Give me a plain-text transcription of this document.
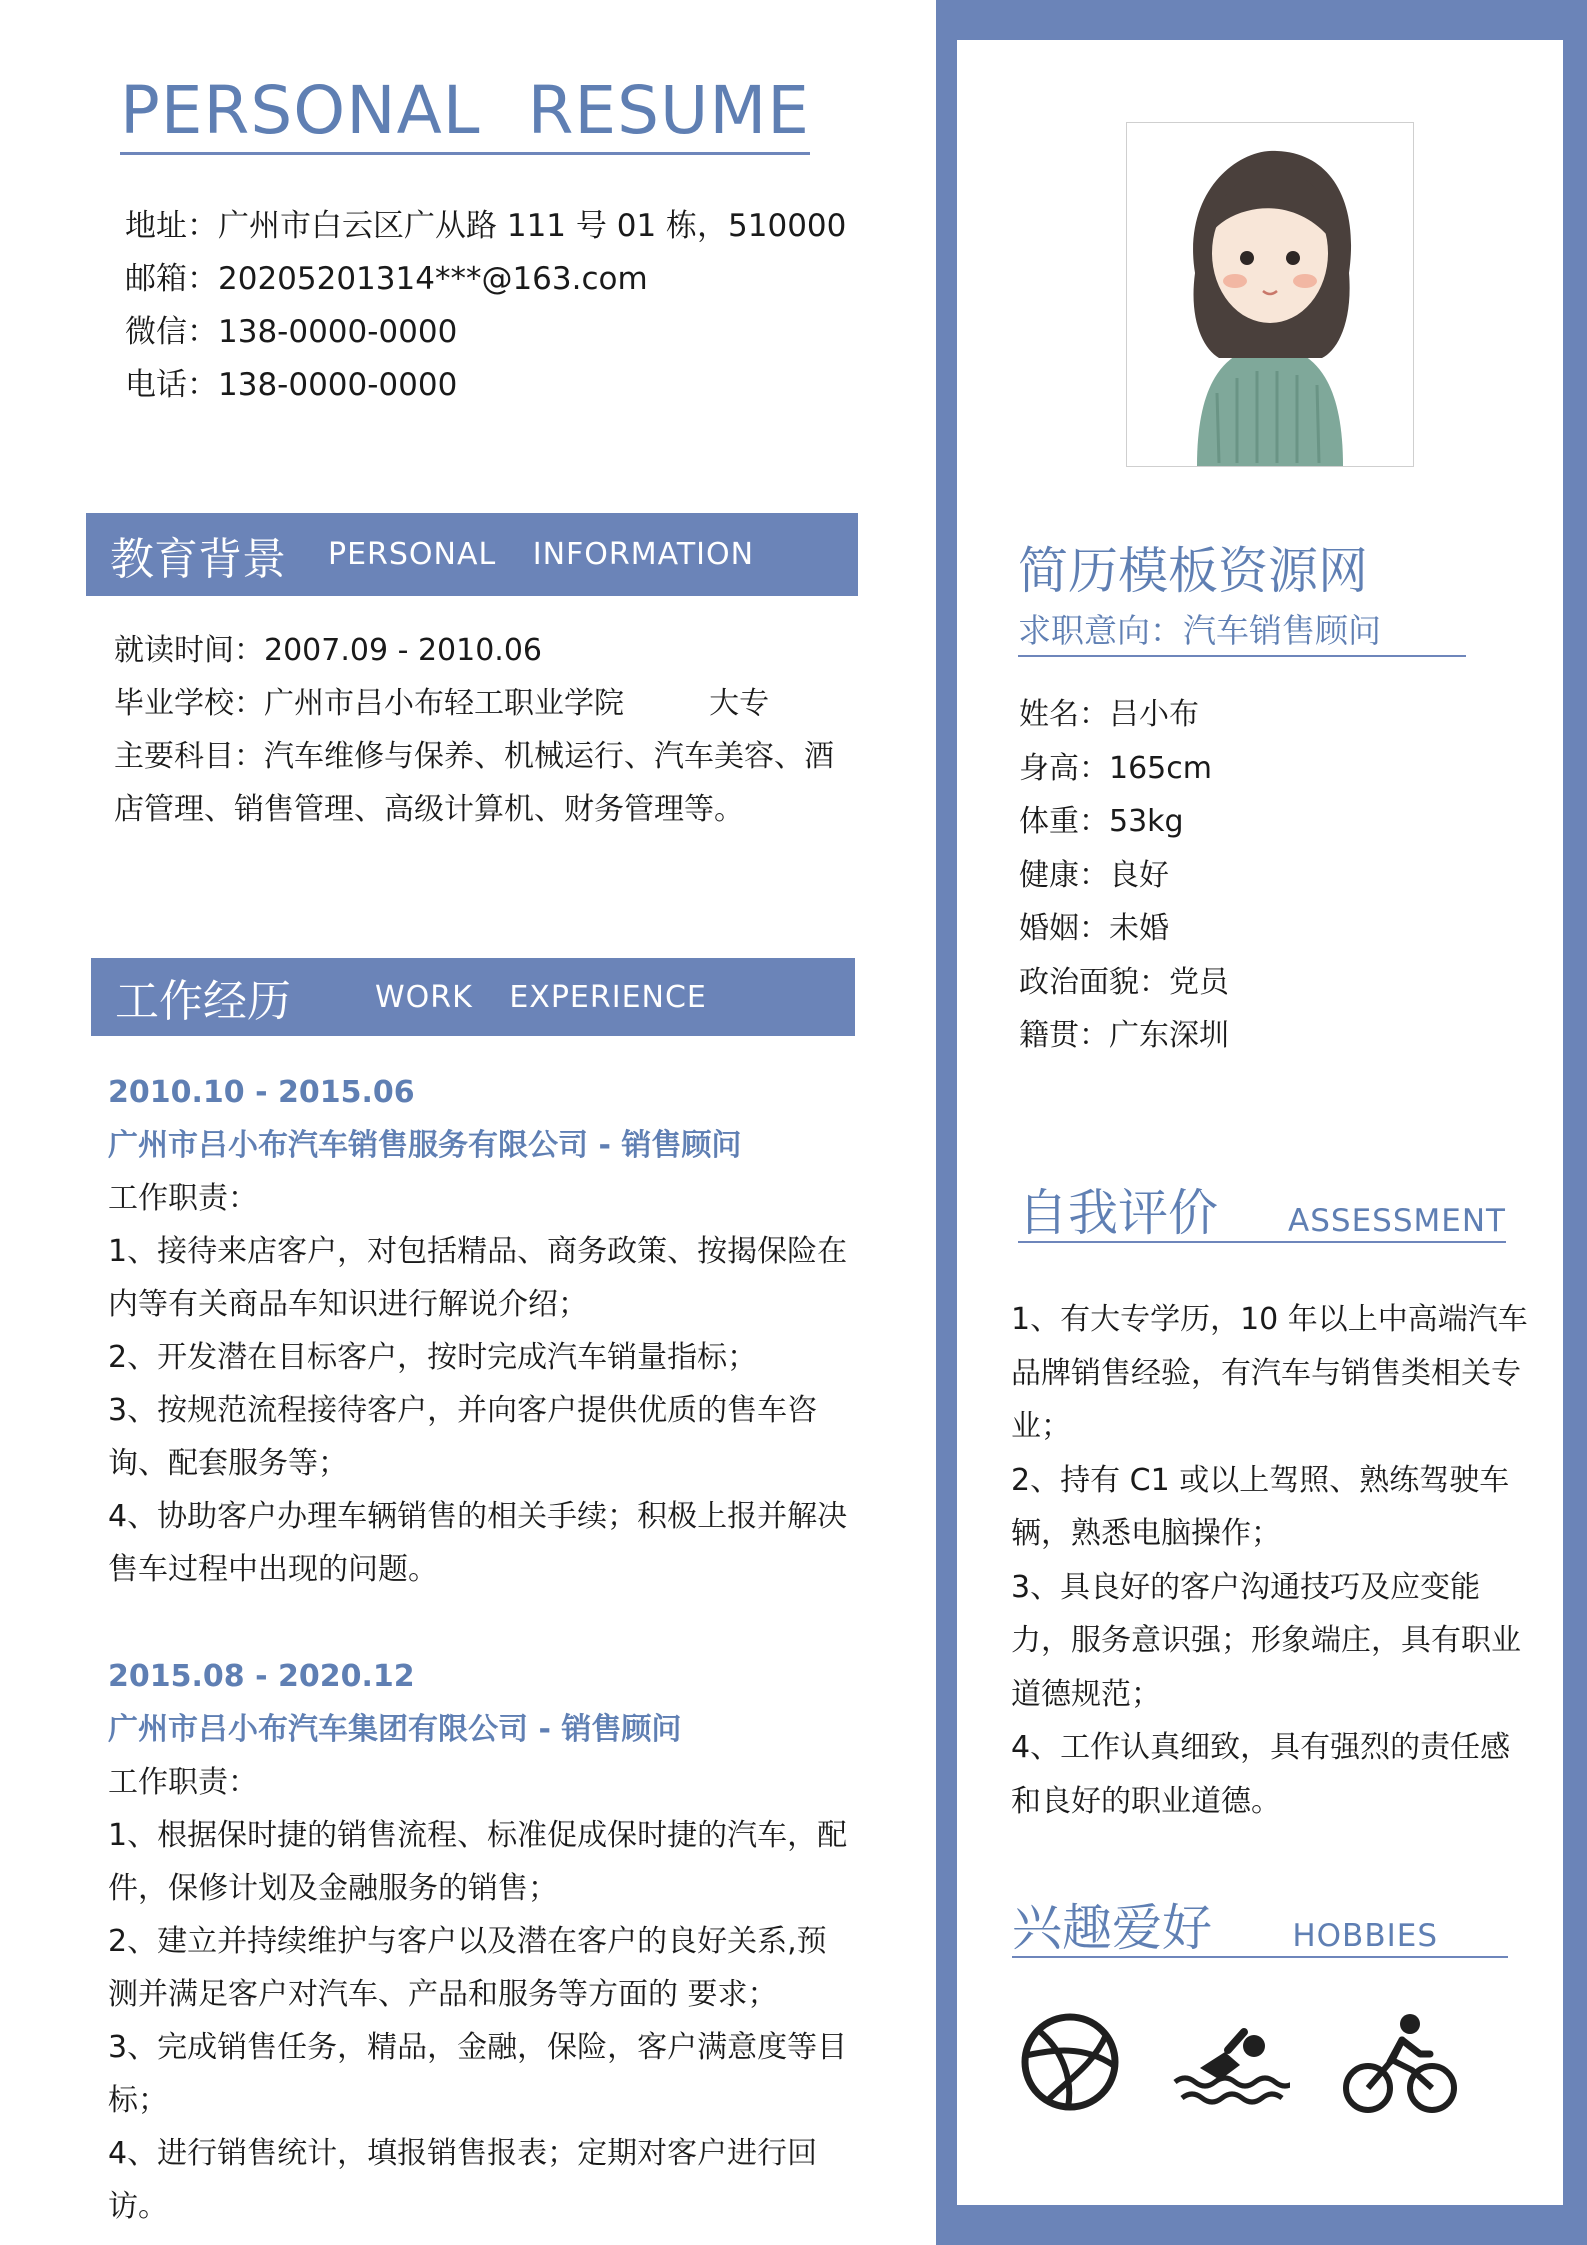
PERSONAL RESUME
地址：广州市白云区广从路 111 号 01 栋，510000
邮箱：20205201314***@163.com
微信：138-0000-0000
电话：138-0000-0000
教育背景 PERSONAL INFORMATION
就读时间：2007.09 - 2010.06
毕业学校：广州市吕小布轻工职业学院	大专
主要科目：汽车维修与保养、机械运行、汽车美容、酒店管理、销售管理、高级计算机、财务管理等。
工作经历	WORK EXPERIENCE
2010.10 - 2015.06
广州市吕小布汽车销售服务有限公司 - 销售顾问
工作职责：
1、接待来店客户，对包括精品、商务政策、按揭保险在内等有关商品车知识进行解说介绍；
2、开发潜在目标客户，按时完成汽车销量指标；
3、按规范流程接待客户，并向客户提供优质的售车咨询、配套服务等；
4、协助客户办理车辆销售的相关手续；积极上报并解决售车过程中出现的问题。
2015.08 - 2020.12
广州市吕小布汽车集团有限公司 - 销售顾问
工作职责：
1、根据保时捷的销售流程、标准促成保时捷的汽车，配件，保修计划及金融服务的销售；
2、建立并持续维护与客户以及潜在客户的良好关系,预测并满足客户对汽车、产品和服务等方面的 要求；
3、完成销售任务，精品，金融，保险，客户满意度等目标；
4、进行销售统计，填报销售报表；定期对客户进行回访。
简历模板资源网
求职意向：汽车销售顾问
姓名：吕小布
身高：165cm
体重：53kg
健康：良好
婚姻：未婚
政治面貌：党员
籍贯：广东深圳
自我评价 ASSESSMENT
1、有大专学历，10 年以上中高端汽车品牌销售经验，有汽车与销售类相关专业；
2、持有 C1 或以上驾照、熟练驾驶车辆，熟悉电脑操作；
3、具良好的客户沟通技巧及应变能力，服务意识强；形象端庄，具有职业道德规范；
4、工作认真细致，具有强烈的责任感和良好的职业道德。
兴趣爱好	HOBBIES
